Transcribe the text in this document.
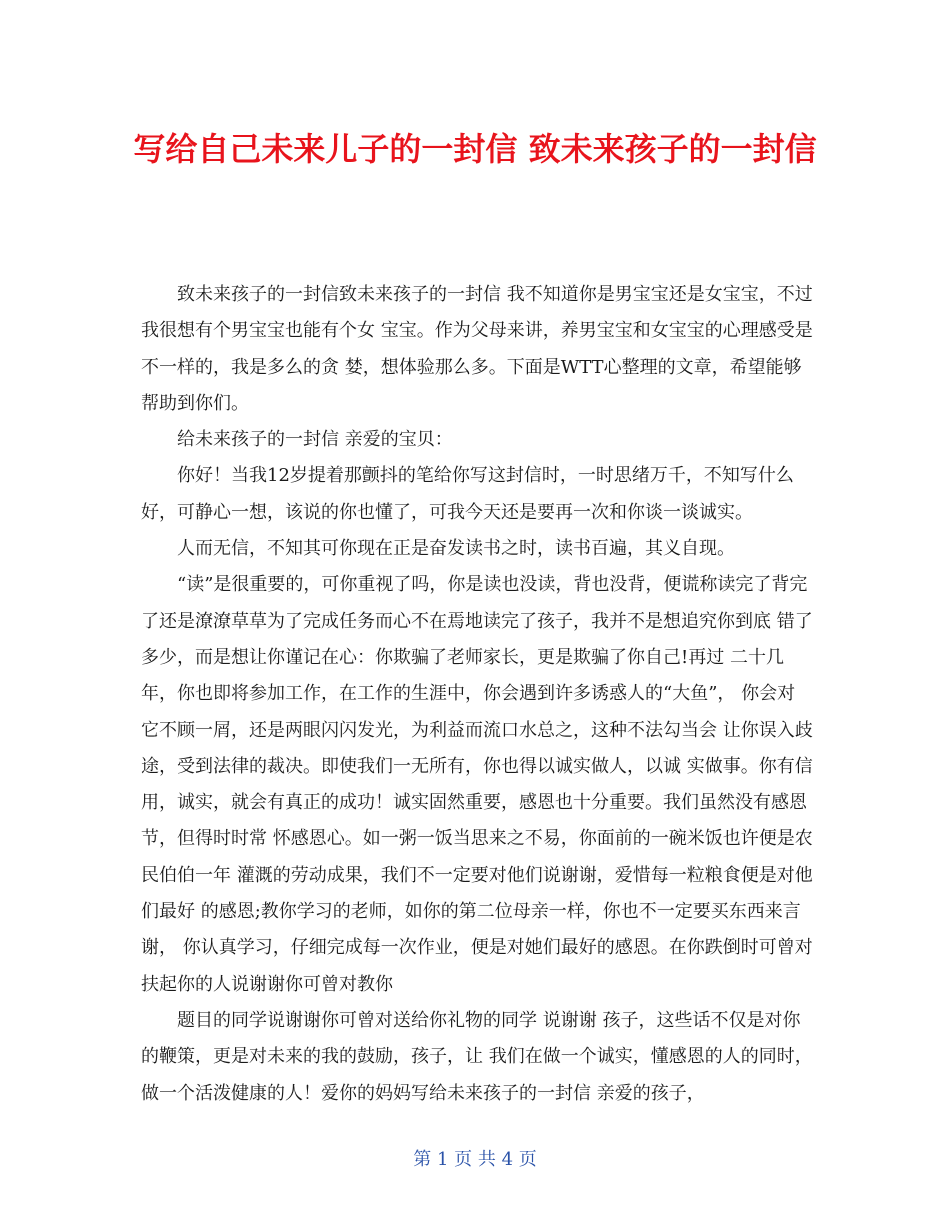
写给自己未来儿子的一封信 致未来孩子的一封信

致未来孩子的一封信致未来孩子的一封信 我不知道你是男宝宝还是女宝宝，不过我很想有个男宝宝也能有个女 宝宝。作为父母来讲，养男宝宝和女宝宝的心理感受是不一样的，我是多么的贪 婪，想体验那么多。下面是WTT心整理的文章，希望能够帮助到你们。

给未来孩子的一封信 亲爱的宝贝：

你好！当我12岁提着那颤抖的笔给你写这封信时，一时思绪万千，不知写什么好，可静心一想，该说的你也懂了，可我今天还是要再一次和你谈一谈诚实。

人而无信，不知其可你现在正是奋发读书之时，读书百遍，其义自现。

“读”是很重要的，可你重视了吗，你是读也没读，背也没背，便谎称读完了背完 了还是潦潦草草为了完成任务而心不在焉地读完了孩子，我并不是想追究你到底 错了多少，而是想让你谨记在心：你欺骗了老师家长，更是欺骗了你自己!再过 二十几年，你也即将参加工作，在工作的生涯中，你会遇到许多诱惑人的“大鱼”， 你会对它不顾一屑，还是两眼闪闪发光，为利益而流口水总之，这种不法勾当会 让你误入歧途，受到法律的裁决。即使我们一无所有，你也得以诚实做人，以诚 实做事。你有信用，诚实，就会有真正的成功！诚实固然重要，感恩也十分重要。我们虽然没有感恩节，但得时时常 怀感恩心。如一粥一饭当思来之不易，你面前的一碗米饭也许便是农民伯伯一年 灌溉的劳动成果，我们不一定要对他们说谢谢，爱惜每一粒粮食便是对他们最好 的感恩;教你学习的老师，如你的第二位母亲一样，你也不一定要买东西来言谢， 你认真学习，仔细完成每一次作业，便是对她们最好的感恩。在你跌倒时可曾对 扶起你的人说谢谢你可曾对教你

题目的同学说谢谢你可曾对送给你礼物的同学 说谢谢 孩子，这些话不仅是对你的鞭策，更是对未来的我的鼓励，孩子，让 我们在做一个诚实，懂感恩的人的同时，做一个活泼健康的人！爱你的妈妈写给未来孩子的一封信 亲爱的孩子，

第 1 页 共 4 页
